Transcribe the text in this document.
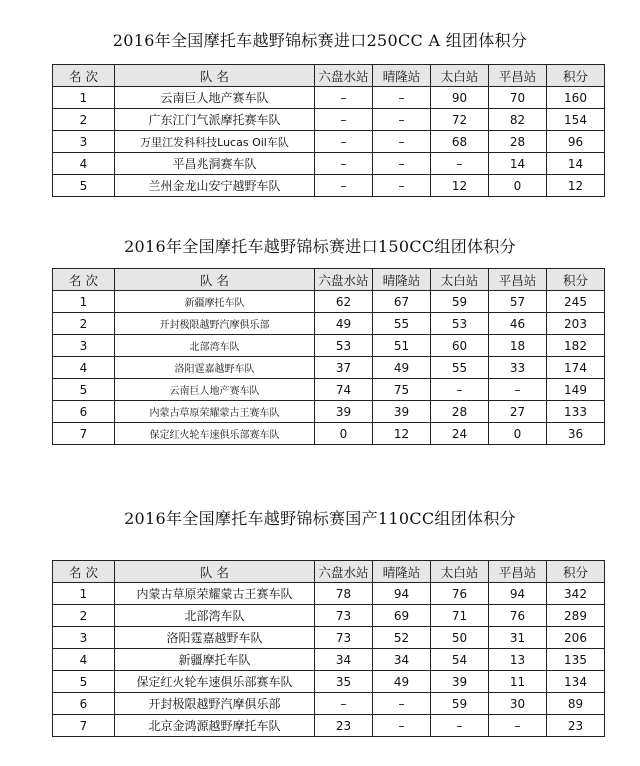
2016年全国摩托车越野锦标赛进口250CC A 组团体积分
名 次	队 名	六盘水站	晴隆站	太白站	平昌站	积分
1	云南巨人地产赛车队	–	–	90	70	160
2	广东江门气派摩托赛车队	–	–	72	82	154
3	万里江发科科技Lucas Oil车队	–	–	68	28	96
4	平昌兆洞赛车队	–	–	–	14	14
5	兰州金龙山安宁越野车队	–	–	12	0	12
2016年全国摩托车越野锦标赛进口150CC组团体积分
名 次	队 名	六盘水站	晴隆站	太白站	平昌站	积分
1	新疆摩托车队	62	67	59	57	245
2	开封极限越野汽摩俱乐部	49	55	53	46	203
3	北部湾车队	53	51	60	18	182
4	洛阳霆嘉越野车队	37	49	55	33	174
5	云南巨人地产赛车队	74	75	–	–	149
6	内蒙古草原荣耀蒙古王赛车队	39	39	28	27	133
7	保定红火轮车速俱乐部赛车队	0	12	24	0	36
2016年全国摩托车越野锦标赛国产110CC组团体积分
名 次	队 名	六盘水站	晴隆站	太白站	平昌站	积分
1	内蒙古草原荣耀蒙古王赛车队	78	94	76	94	342
2	北部湾车队	73	69	71	76	289
3	洛阳霆嘉越野车队	73	52	50	31	206
4	新疆摩托车队	34	34	54	13	135
5	保定红火轮车速俱乐部赛车队	35	49	39	11	134
6	开封极限越野汽摩俱乐部	–	–	59	30	89
7	北京金鸿源越野摩托车队	23	–	–	–	23
